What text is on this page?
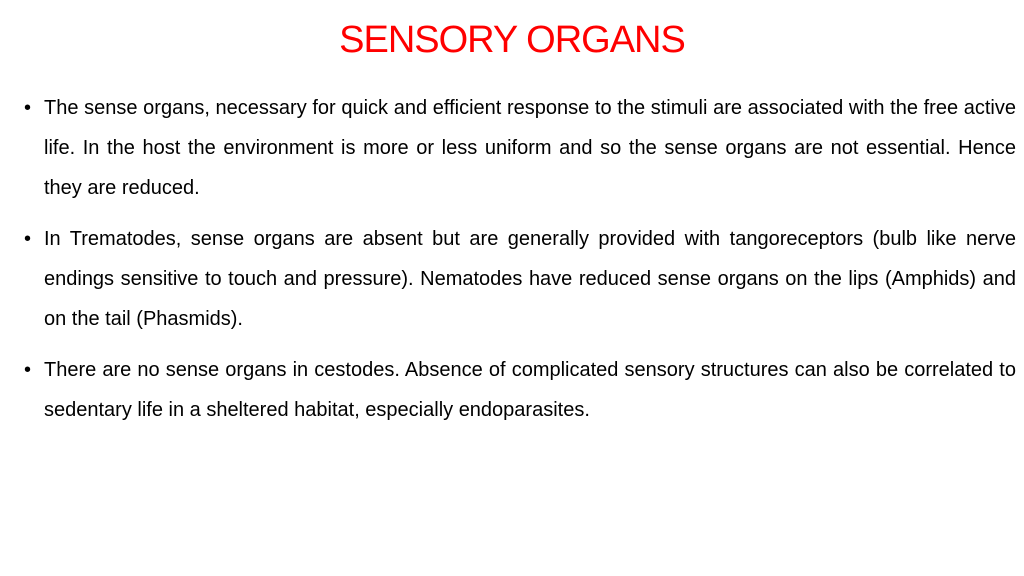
SENSORY ORGANS
• The sense organs, necessary for quick and efficient response to the stimuli are associated with the free active life. In the host the environment is more or less uniform and so the sense organs are not essential. Hence they are reduced.
• In Trematodes, sense organs are absent but are generally provided with tangoreceptors (bulb like nerve endings sensitive to touch and pressure). Nematodes have reduced sense organs on the lips (Amphids) and on the tail (Phasmids).
• There are no sense organs in cestodes. Absence of complicated sensory structures can also be correlated to sedentary life in a sheltered habitat, especially endoparasites.
